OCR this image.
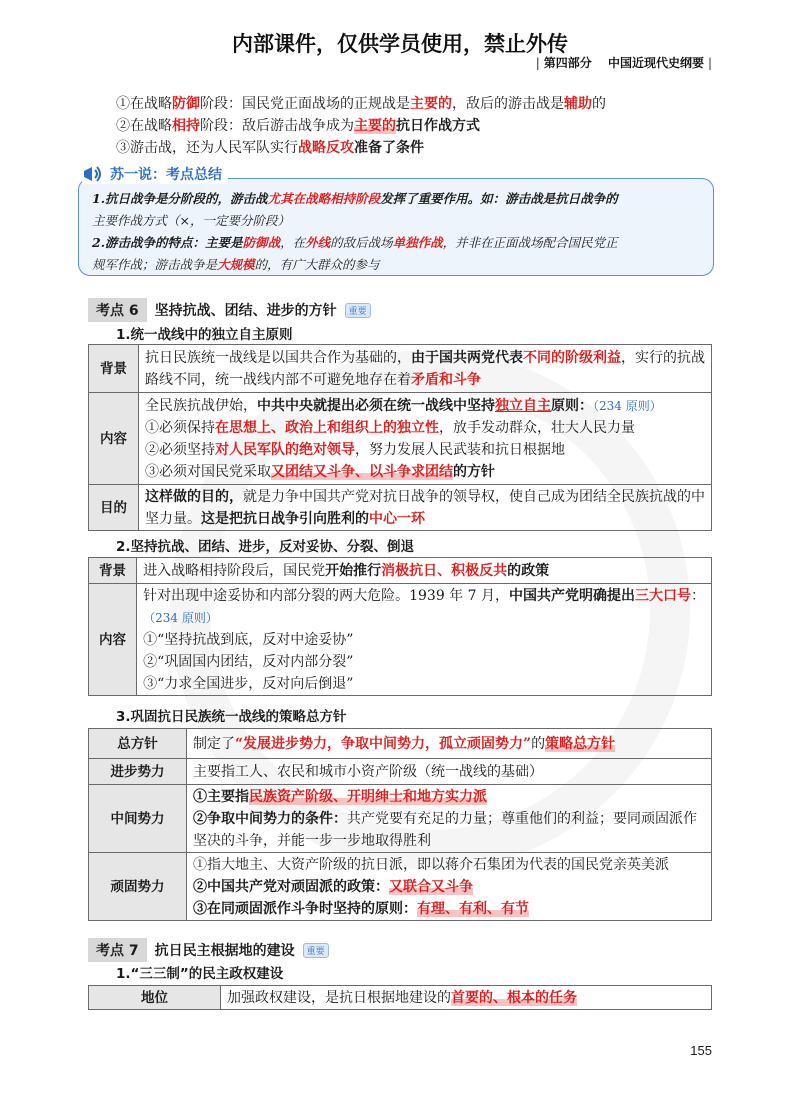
内部课件，仅供学员使用，禁止外传
| 第四部分 中国近现代史纲要 |
①在战略防御阶段：国民党正面战场的正规战是主要的，敌后的游击战是辅助的
②在战略相持阶段：敌后游击战争成为主要的抗日作战方式
③游击战，还为人民军队实行战略反攻准备了条件
苏一说：考点总结
1.抗日战争是分阶段的，游击战尤其在战略相持阶段发挥了重要作用。如：游击战是抗日战争的
主要作战方式（×，一定要分阶段）
2.游击战争的特点：主要是防御战，在外线的敌后战场单独作战，并非在正面战场配合国民党正
规军作战；游击战争是大规模的，有广大群众的参与
考点 6	坚持抗战、团结、进步的方针	重要
1.统一战线中的独立自主原则
背景	抗日民族统一战线是以国共合作为基础的，由于国共两党代表不同的阶级利益，实行的抗战
路线不同，统一战线内部不可避免地存在着矛盾和斗争

内容	全民族抗战伊始，中共中央就提出必须在统一战线中坚持独立自主原则：（234 原则）
①必须保持在思想上、政治上和组织上的独立性，放手发动群众，壮大人民力量
②必须坚持对人民军队的绝对领导，努力发展人民武装和抗日根据地
③必须对国民党采取又团结又斗争、以斗争求团结的方针

目的	这样做的目的，就是力争中国共产党对抗日战争的领导权，使自己成为团结全民族抗战的中
坚力量。这是把抗日战争引向胜利的中心一环
2.坚持抗战、团结、进步，反对妥协、分裂、倒退
背景	进入战略相持阶段后，国民党开始推行消极抗日、积极反共的政策

内容	针对出现中途妥协和内部分裂的两大危险。1939 年 7 月，中国共产党明确提出三大口号：
（234 原则）
①“坚持抗战到底，反对中途妥协”
②“巩固国内团结，反对内部分裂”
③“力求全国进步，反对向后倒退”
3.巩固抗日民族统一战线的策略总方针
总方针	制定了“发展进步势力，争取中间势力，孤立顽固势力”的策略总方针

进步势力	主要指工人、农民和城市小资产阶级（统一战线的基础）

中间势力	①主要指民族资产阶级、开明绅士和地方实力派
②争取中间势力的条件：共产党要有充足的力量；尊重他们的利益；要同顽固派作
坚决的斗争，并能一步一步地取得胜利

顽固势力	①指大地主、大资产阶级的抗日派，即以蒋介石集团为代表的国民党亲英美派
②中国共产党对顽固派的政策：又联合又斗争
③在同顽固派作斗争时坚持的原则：有理、有利、有节
考点 7	抗日民主根据地的建设	重要
1.“三三制”的民主政权建设
地位	加强政权建设，是抗日根据地建设的首要的、根本的任务
155
